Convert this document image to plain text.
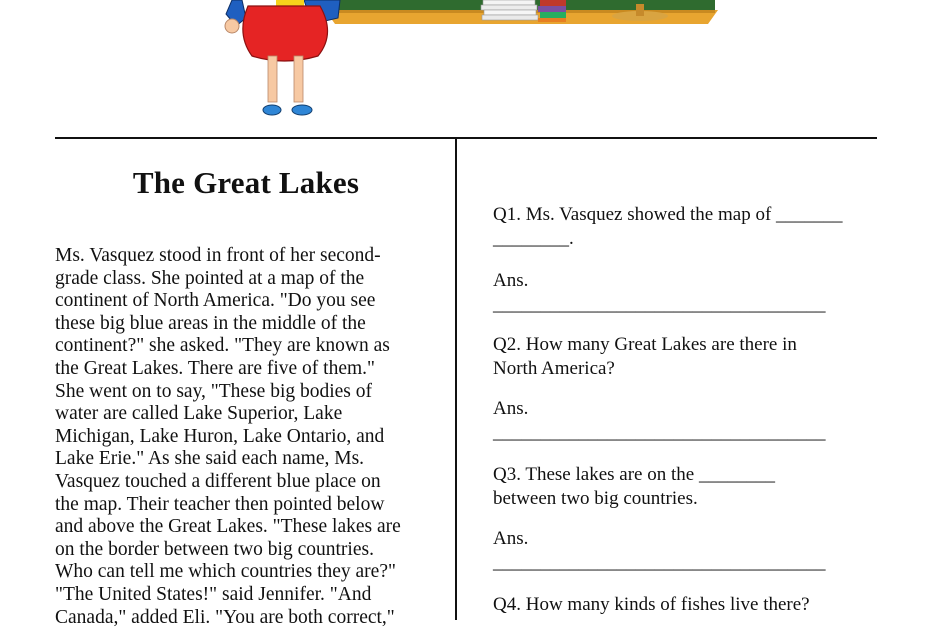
The Great Lakes
Ms. Vasquez stood in front of her second-
grade class. She pointed at a map of the
continent of North America. "Do you see
these big blue areas in the middle of the
continent?" she asked. "They are known as
the Great Lakes. There are five of them."
She went on to say, "These big bodies of
water are called Lake Superior, Lake
Michigan, Lake Huron, Lake Ontario, and
Lake Erie." As she said each name, Ms.
Vasquez touched a different blue place on
the map. Their teacher then pointed below
and above the Great Lakes. "These lakes are
on the border between two big countries.
Who can tell me which countries they are?"
"The United States!" said Jennifer. "And
Canada," added Eli. "You are both correct,"
Q1. Ms. Vasquez showed the map of _______
________.
Ans.
___________________________________
Q2. How many Great Lakes are there in
North America?
Ans.
___________________________________
Q3. These lakes are on the ________
between two big countries.
Ans.
___________________________________
Q4. How many kinds of fishes live there?
